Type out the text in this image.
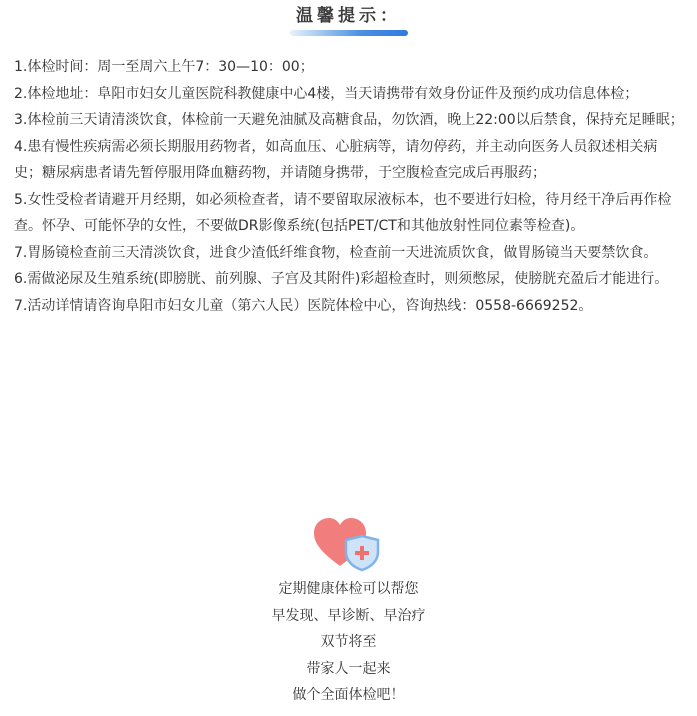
温馨提示：

1.体检时间：周一至周六上午7：30—10：00；

2.体检地址：阜阳市妇女儿童医院科教健康中心4楼，当天请携带有效身份证件及预约成功信息体检；

3.体检前三天请清淡饮食，体检前一天避免油腻及高糖食品，勿饮酒，晚上22:00以后禁食，保持充足睡眠；

4.患有慢性疾病需必须长期服用药物者，如高血压、心脏病等，请勿停药，并主动向医务人员叙述相关病史；糖尿病患者请先暂停服用降血糖药物，并请随身携带，于空腹检查完成后再服药；

5.女性受检者请避开月经期，如必须检查者，请不要留取尿液标本，也不要进行妇检，待月经干净后再作检查。怀孕、可能怀孕的女性，不要做DR影像系统(包括PET/CT和其他放射性同位素等检查)。

7.胃肠镜检查前三天清淡饮食，进食少渣低纤维食物，检查前一天进流质饮食，做胃肠镜当天要禁饮食。

6.需做泌尿及生殖系统(即膀胱、前列腺、子宫及其附件)彩超检查时，则须憋尿，使膀胱充盈后才能进行。

7.活动详情请咨询阜阳市妇女儿童（第六人民）医院体检中心，咨询热线：0558-6669252。

定期健康体检可以帮您
早发现、早诊断、早治疗
双节将至
带家人一起来
做个全面体检吧！
